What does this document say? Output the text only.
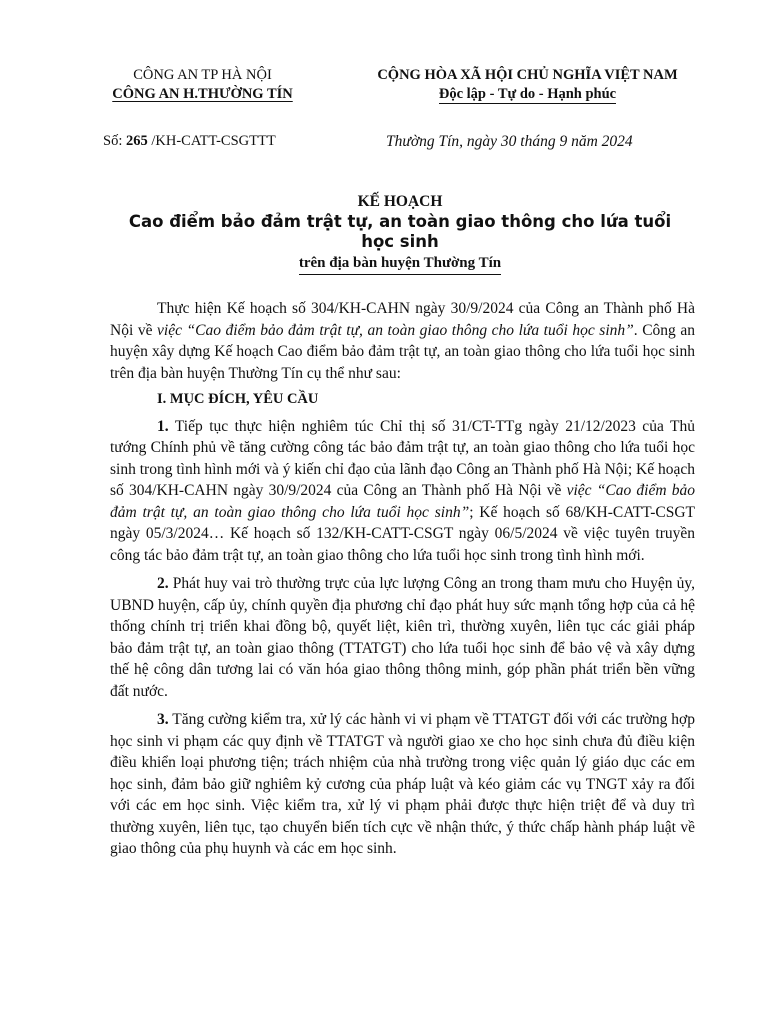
CÔNG AN TP HÀ NỘI
CÔNG AN H.THƯỜNG TÍN
CỘNG HÒA XÃ HỘI CHỦ NGHĨA VIỆT NAM
Độc lập - Tự do - Hạnh phúc
Số: 265 /KH-CATT-CSGTTT	Thường Tín, ngày 30 tháng 9 năm 2024
KẾ HOẠCH
Cao điểm bảo đảm trật tự, an toàn giao thông cho lứa tuổi học sinh
trên địa bàn huyện Thường Tín

Thực hiện Kế hoạch số 304/KH-CAHN ngày 30/9/2024 của Công an Thành phố Hà Nội về việc “Cao điểm bảo đảm trật tự, an toàn giao thông cho lứa tuổi học sinh”. Công an huyện xây dựng Kế hoạch Cao điểm bảo đảm trật tự, an toàn giao thông cho lứa tuổi học sinh trên địa bàn huyện Thường Tín cụ thể như sau:

I. MỤC ĐÍCH, YÊU CẦU

1. Tiếp tục thực hiện nghiêm túc Chỉ thị số 31/CT-TTg ngày 21/12/2023 của Thủ tướng Chính phủ về tăng cường công tác bảo đảm trật tự, an toàn giao thông cho lứa tuổi học sinh trong tình hình mới và ý kiến chỉ đạo của lãnh đạo Công an Thành phố Hà Nội; Kế hoạch số 304/KH-CAHN ngày 30/9/2024 của Công an Thành phố Hà Nội về việc “Cao điểm bảo đảm trật tự, an toàn giao thông cho lứa tuổi học sinh”; Kế hoạch số 68/KH-CATT-CSGT ngày 05/3/2024… Kế hoạch số 132/KH-CATT-CSGT ngày 06/5/2024 về việc tuyên truyền công tác bảo đảm trật tự, an toàn giao thông cho lứa tuổi học sinh trong tình hình mới.

2. Phát huy vai trò thường trực của lực lượng Công an trong tham mưu cho Huyện ủy, UBND huyện, cấp ủy, chính quyền địa phương chỉ đạo phát huy sức mạnh tổng hợp của cả hệ thống chính trị triển khai đồng bộ, quyết liệt, kiên trì, thường xuyên, liên tục các giải pháp bảo đảm trật tự, an toàn giao thông (TTATGT) cho lứa tuổi học sinh để bảo vệ và xây dựng thế hệ công dân tương lai có văn hóa giao thông thông minh, góp phần phát triển bền vững đất nước.

3. Tăng cường kiểm tra, xử lý các hành vi vi phạm về TTATGT đối với các trường hợp học sinh vi phạm các quy định về TTATGT và người giao xe cho học sinh chưa đủ điều kiện điều khiển loại phương tiện; trách nhiệm của nhà trường trong việc quản lý giáo dục các em học sinh, đảm bảo giữ nghiêm kỷ cương của pháp luật và kéo giảm các vụ TNGT xảy ra đối với các em học sinh. Việc kiểm tra, xử lý vi phạm phải được thực hiện triệt để và duy trì thường xuyên, liên tục, tạo chuyển biến tích cực về nhận thức, ý thức chấp hành pháp luật về giao thông của phụ huynh và các em học sinh.
